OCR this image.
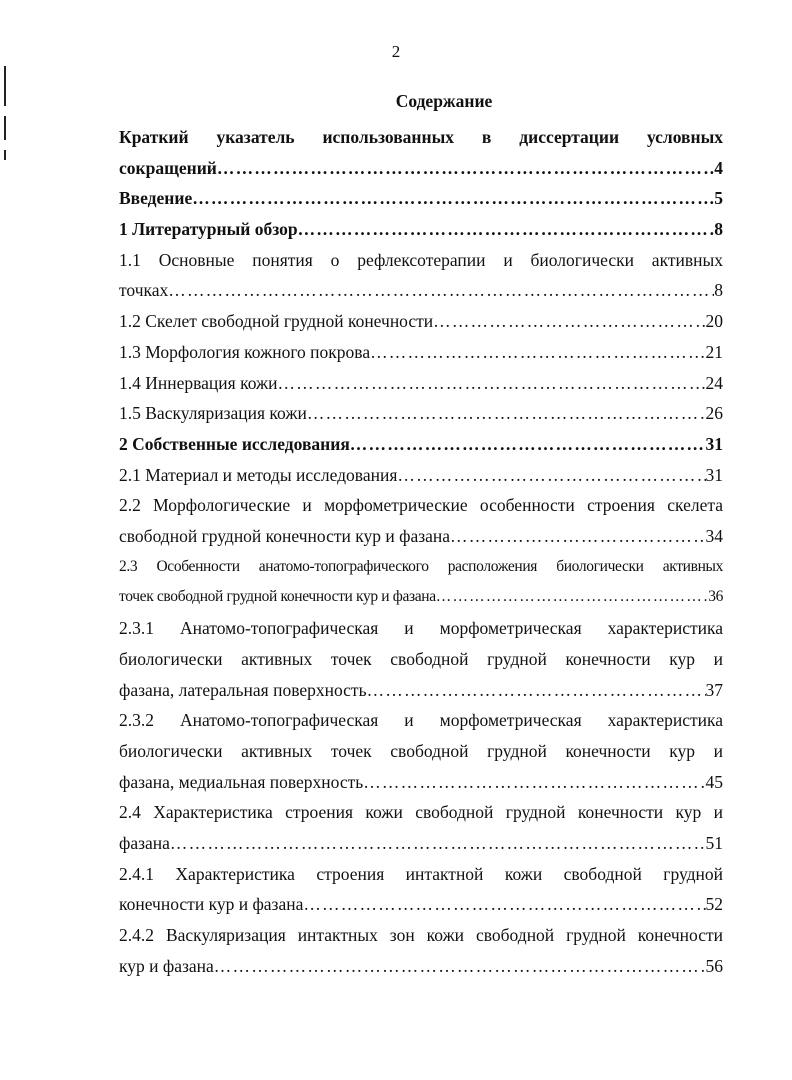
2
Содержание
Краткий указатель использованных в диссертации условных
сокращений ……………………………………………………………………………………………………………………………………………………	4
Введение ……………………………………………………………………………………………………………………………………………………	5
1 Литературный обзор ……………………………………………………………………………………………………………………………………………………	8
1.1 Основные понятия о рефлексотерапии и биологически активных
точках ……………………………………………………………………………………………………………………………………………………	8
1.2 Скелет свободной грудной конечности ……………………………………………………………………………………………………………………………………………………	20
1.3 Морфология кожного покрова ……………………………………………………………………………………………………………………………………………………	21
1.4 Иннервация кожи ……………………………………………………………………………………………………………………………………………………	24
1.5 Васкуляризация кожи ……………………………………………………………………………………………………………………………………………………	26
2 Собственные исследования ……………………………………………………………………………………………………………………………………………………	31
2.1 Материал и методы исследования ……………………………………………………………………………………………………………………………………………………	31
2.2 Морфологические и морфометрические особенности строения скелета
свободной грудной конечности кур и фазана ……………………………………………………………………………………………………………………………………………………	34
2.3 Особенности анатомо-топографического расположения биологически активных
точек свободной грудной конечности кур и фазана ……………………………………………………………………………………………………………………………………………………	36
2.3.1 Анатомо-топографическая и морфометрическая характеристика
биологически активных точек свободной грудной конечности кур и
фазана, латеральная поверхность ……………………………………………………………………………………………………………………………………………………	37
2.3.2 Анатомо-топографическая и морфометрическая характеристика
биологически активных точек свободной грудной конечности кур и
фазана, медиальная поверхность ……………………………………………………………………………………………………………………………………………………	45
2.4 Характеристика строения кожи свободной грудной конечности кур и
фазана ……………………………………………………………………………………………………………………………………………………	51
2.4.1 Характеристика строения интактной кожи свободной грудной
конечности кур и фазана ……………………………………………………………………………………………………………………………………………………	52
2.4.2 Васкуляризация интактных зон кожи свободной грудной конечности
кур и фазана ……………………………………………………………………………………………………………………………………………………	56
